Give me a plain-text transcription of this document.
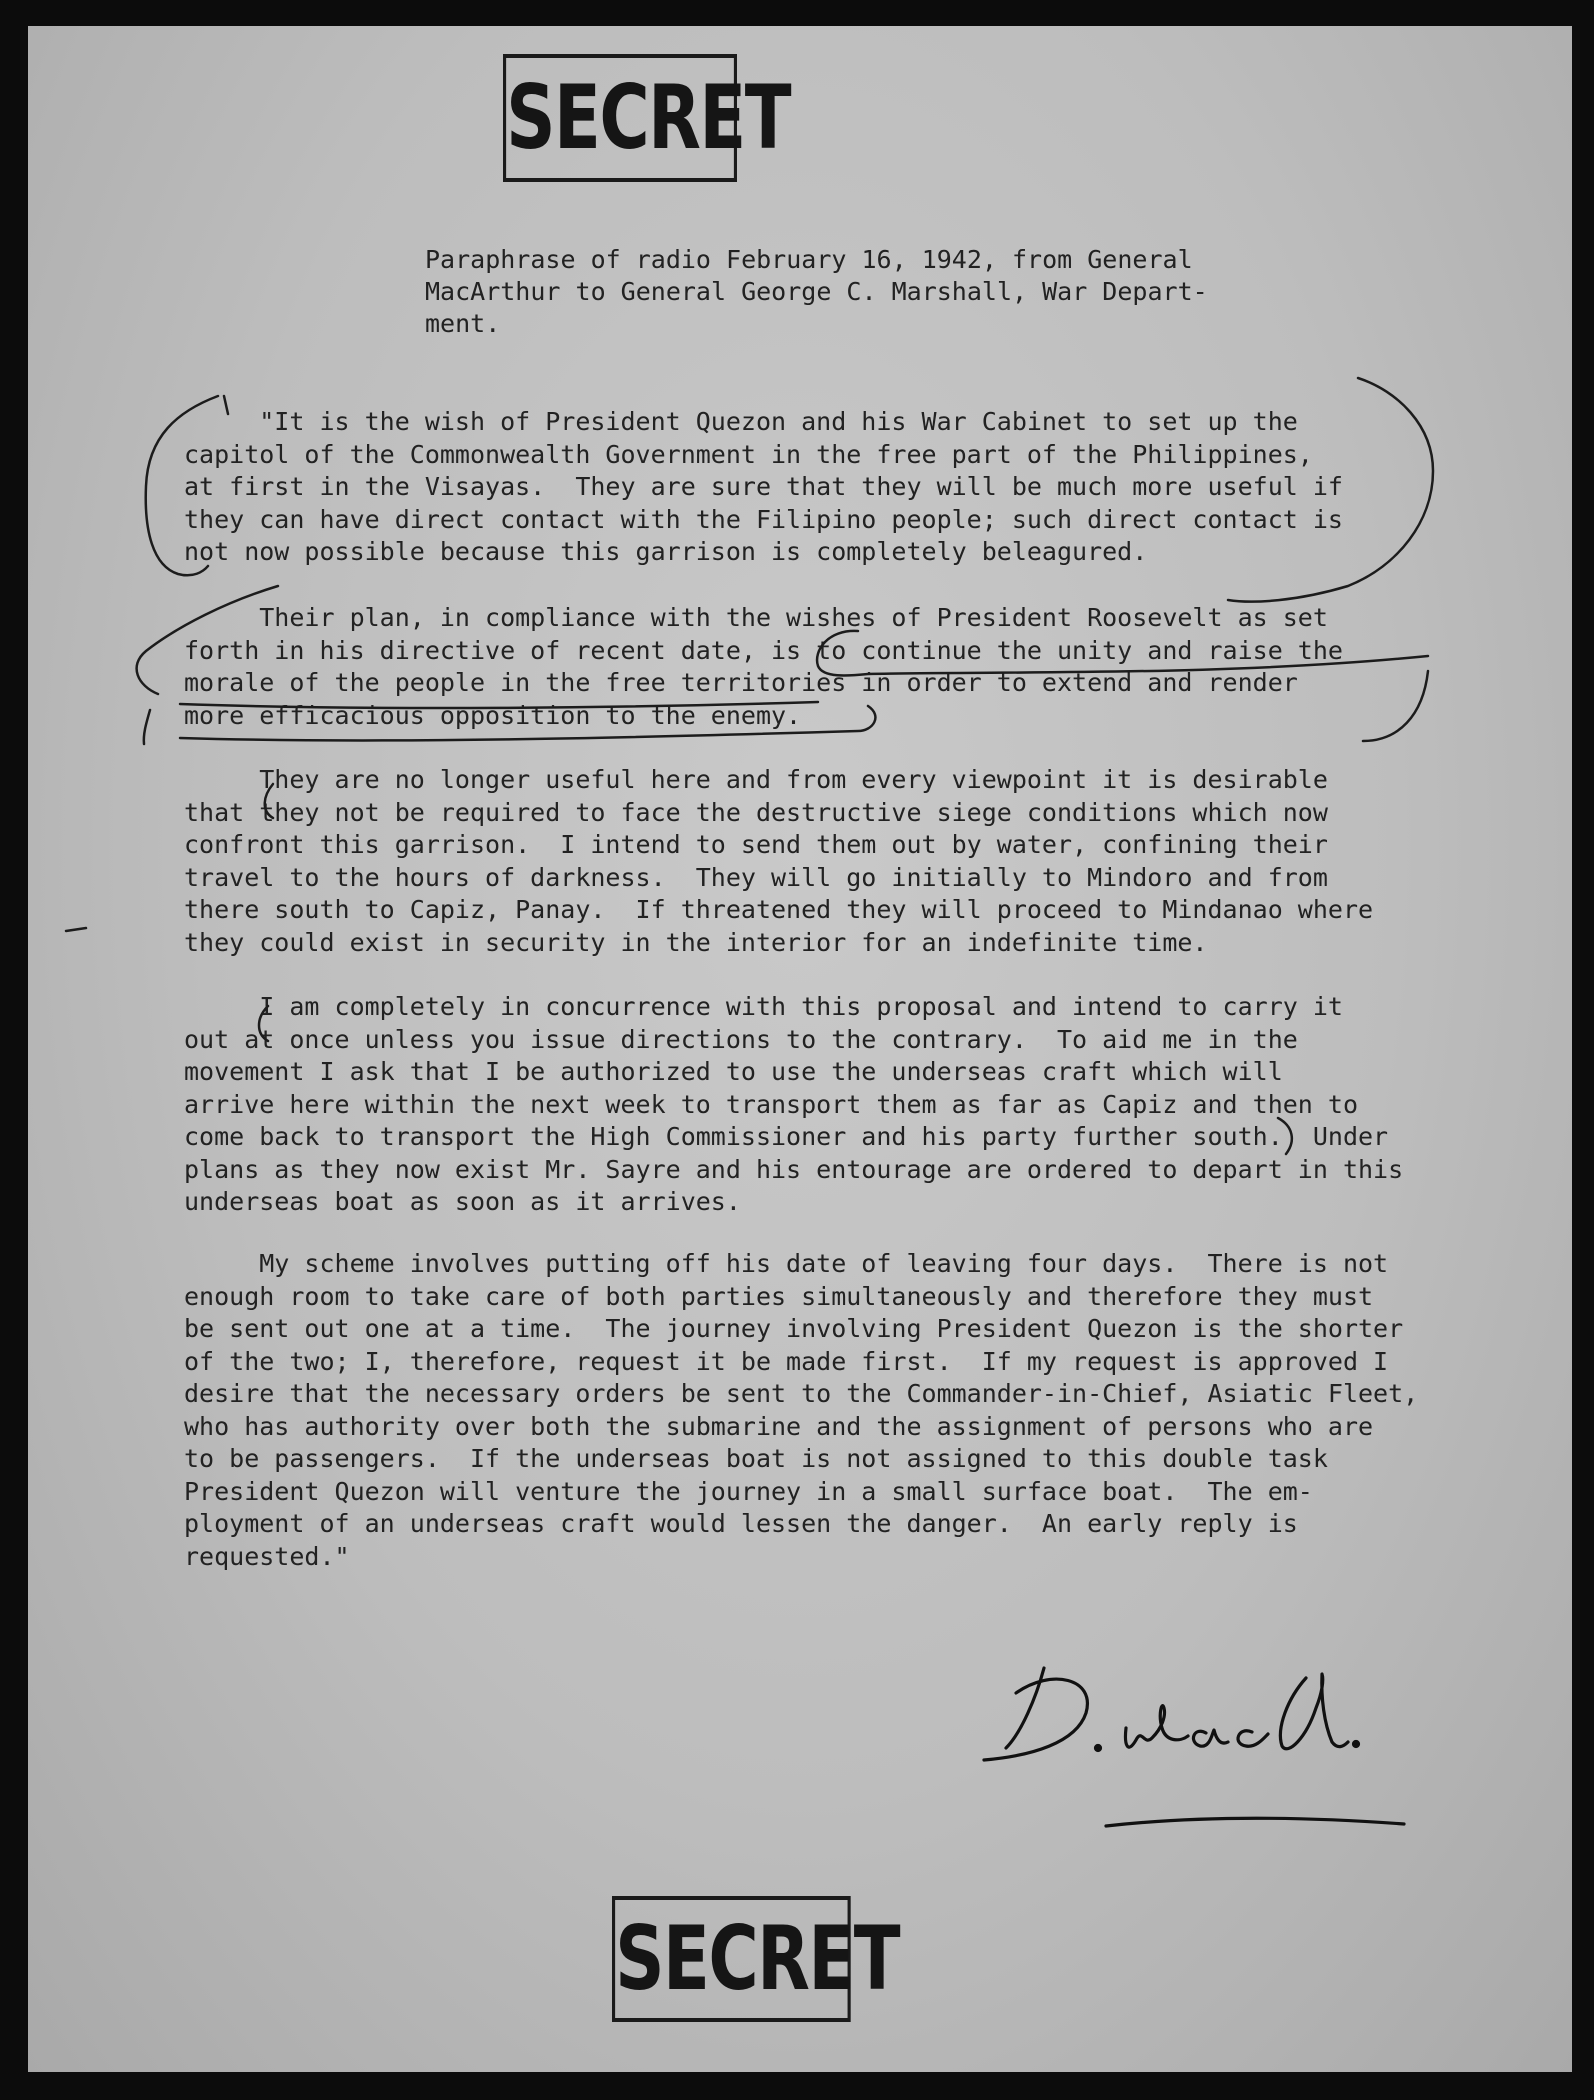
SECRET
Paraphrase of radio February 16, 1942, from General
MacArthur to General George C. Marshall, War Depart-
ment.
"It is the wish of President Quezon and his War Cabinet to set up the
capitol of the Commonwealth Government in the free part of the Philippines,
at first in the Visayas.  They are sure that they will be much more useful if
they can have direct contact with the Filipino people; such direct contact is
not now possible because this garrison is completely beleagured.
Their plan, in compliance with the wishes of President Roosevelt as set
forth in his directive of recent date, is to continue the unity and raise the
morale of the people in the free territories in order to extend and render
more efficacious opposition to the enemy.
They are no longer useful here and from every viewpoint it is desirable
that they not be required to face the destructive siege conditions which now
confront this garrison.  I intend to send them out by water, confining their
travel to the hours of darkness.  They will go initially to Mindoro and from
there south to Capiz, Panay.  If threatened they will proceed to Mindanao where
they could exist in security in the interior for an indefinite time.
I am completely in concurrence with this proposal and intend to carry it
out at once unless you issue directions to the contrary.  To aid me in the
movement I ask that I be authorized to use the underseas craft which will
arrive here within the next week to transport them as far as Capiz and then to
come back to transport the High Commissioner and his party further south.  Under
plans as they now exist Mr. Sayre and his entourage are ordered to depart in this
underseas boat as soon as it arrives.
My scheme involves putting off his date of leaving four days.  There is not
enough room to take care of both parties simultaneously and therefore they must
be sent out one at a time.  The journey involving President Quezon is the shorter
of the two; I, therefore, request it be made first.  If my request is approved I
desire that the necessary orders be sent to the Commander-in-Chief, Asiatic Fleet,
who has authority over both the submarine and the assignment of persons who are
to be passengers.  If the underseas boat is not assigned to this double task
President Quezon will venture the journey in a small surface boat.  The em-
ployment of an underseas craft would lessen the danger.  An early reply is
requested."
SECRET
